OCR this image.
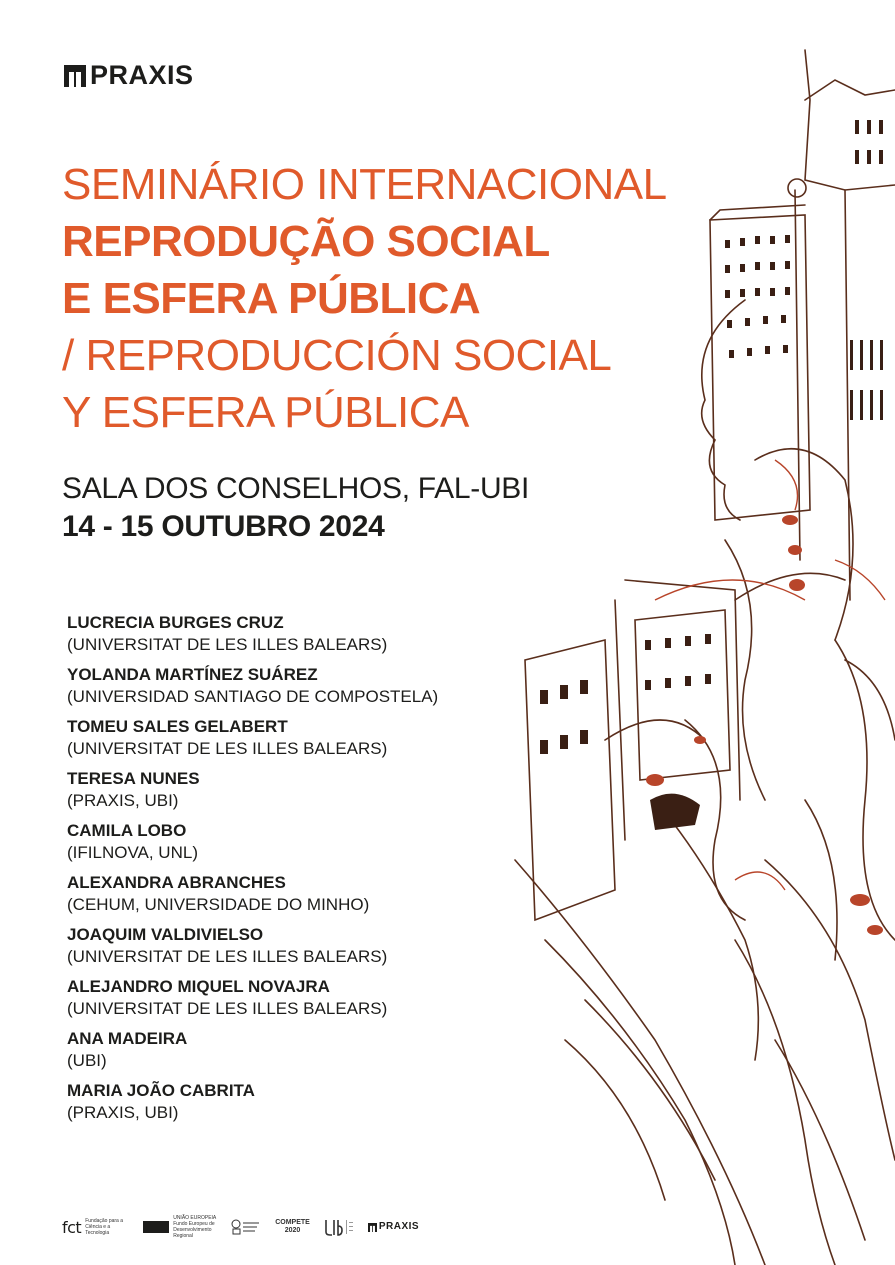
PRAXIS
SEMINÁRIO INTERNACIONAL
REPRODUÇÃO SOCIAL
E ESFERA PÚBLICA
/ REPRODUCCIÓN SOCIAL
Y ESFERA PÚBLICA
SALA DOS CONSELHOS, FAL-UBI
14 - 15 OUTUBRO 2024
LUCRECIA BURGES CRUZ
(UNIVERSITAT DE LES ILLES BALEARS)
YOLANDA MARTÍNEZ SUÁREZ
(UNIVERSIDAD SANTIAGO DE COMPOSTELA)
TOMEU SALES GELABERT
(UNIVERSITAT DE LES ILLES BALEARS)
TERESA NUNES
(PRAXIS, UBI)
CAMILA LOBO
(IFILNOVA, UNL)
ALEXANDRA ABRANCHES
(CEHUM, UNIVERSIDADE DO MINHO)
JOAQUIM VALDIVIELSO
(UNIVERSITAT DE LES ILLES BALEARS)
ALEJANDRO MIQUEL NOVAJRA
(UNIVERSITAT DE LES ILLES BALEARS)
ANA MADEIRA
(UBI)
MARIA JOÃO CABRITA
(PRAXIS, UBI)
fct Fundação para a Ciência e a Tecnologia
UNIÃO EUROPEIA Fundo Europeu de Desenvolvimento Regional
COMPETE
2020	PRAXIS
